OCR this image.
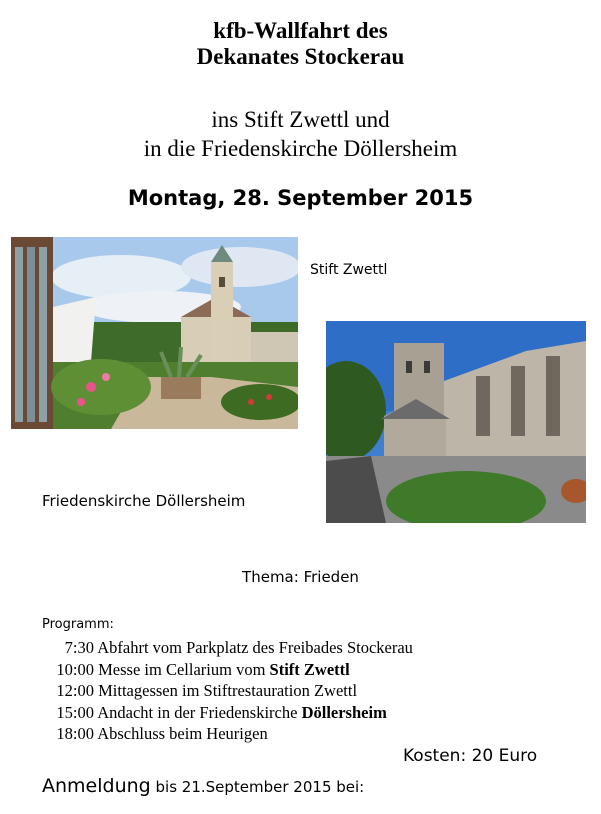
kfb-Wallfahrt des
Dekanates Stockerau
ins Stift Zwettl und
in die Friedenskirche Döllersheim
Montag, 28. September 2015
Stift Zwettl
Friedenskirche Döllersheim
Thema: Frieden
Programm:
7:30 Abfahrt vom Parkplatz des Freibades Stockerau
10:00 Messe im Cellarium vom Stift Zwettl
12:00 Mittagessen im Stiftrestauration Zwettl
15:00 Andacht in der Friedenskirche Döllersheim
18:00 Abschluss beim Heurigen
Kosten: 20 Euro
Anmeldung bis 21.September 2015 bei:
